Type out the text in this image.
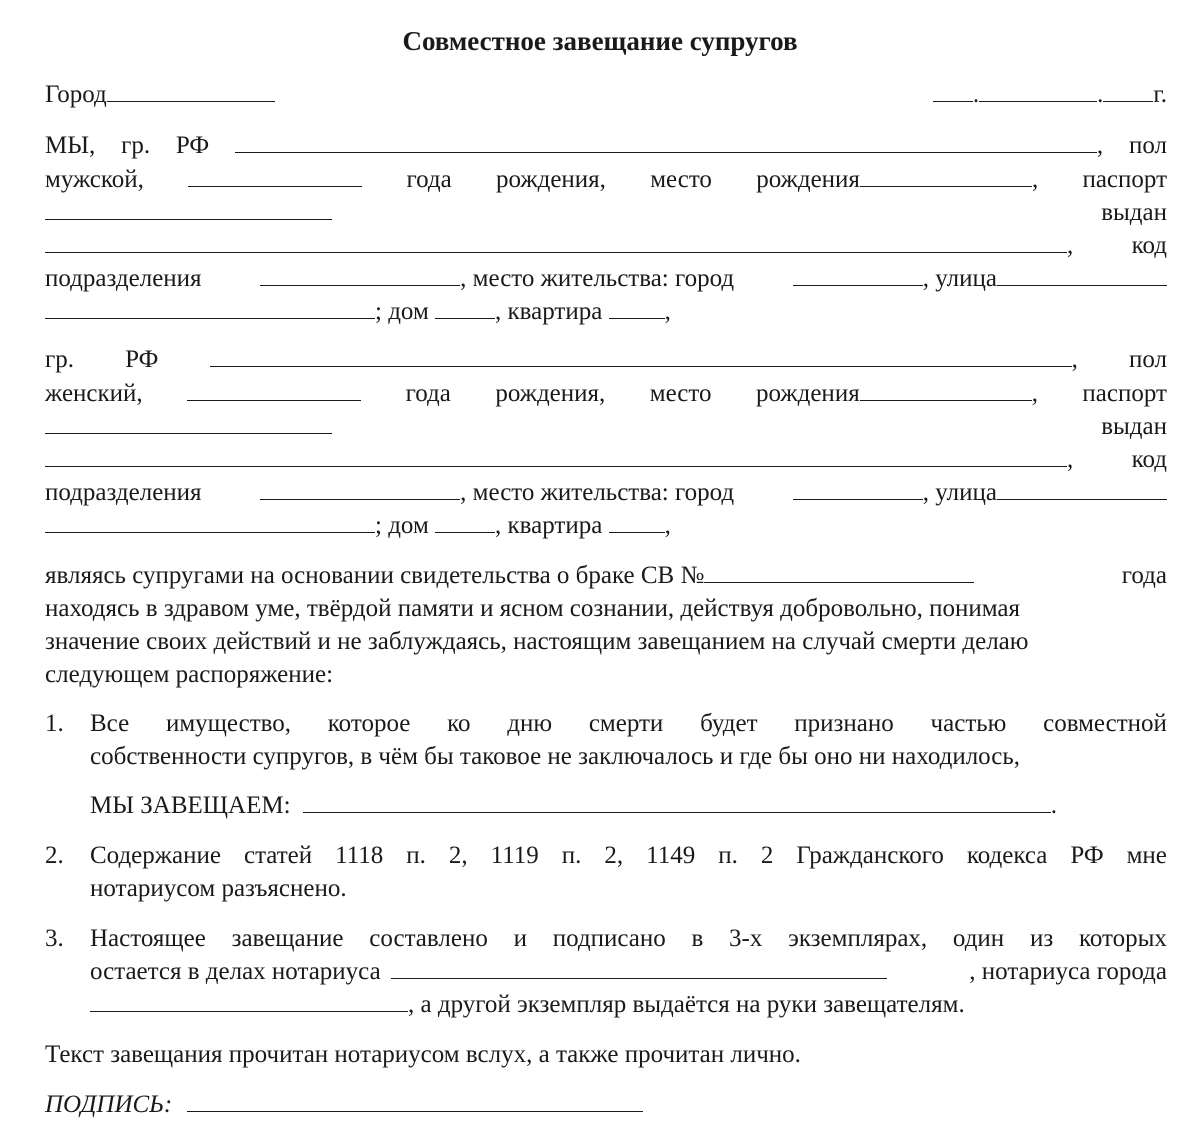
Совместное завещание супругов
Город	.	. г.
МЫ, гр. РФ	, пол
мужской,	года рождения, место рождения	, паспорт
выдан
, код
подразделения	, место жительства: город	, улица
; дом	, квартира ,
гр. РФ	, пол
женский,	года рождения, место рождения	, паспорт
выдан
, код
подразделения	, место жительства: город	, улица
; дом	, квартира ,
являясь супругами на основании свидетельства о браке СВ №	года
находясь в здравом уме, твёрдой памяти и ясном сознании, действуя добровольно, понимая
значение своих действий и не заблуждаясь, настоящим завещанием на случай смерти делаю
следующем распоряжение:
1. Все имущество, которое ко дню смерти будет признано частью совместной
собственности супругов, в чём бы таковое не заключалось и где бы оно ни находилось,
МЫ ЗАВЕЩАЕМ:	.
2. Содержание статей 1118 п. 2, 1119 п. 2, 1149 п. 2 Гражданского кодекса РФ мне
нотариусом разъяснено.
3. Настоящее завещание составлено и подписано в 3-х экземплярах, один из которых
остается в делах нотариуса	, нотариуса города
, а другой экземпляр выдаётся на руки завещателям.
Текст завещания прочитан нотариусом вслух, а также прочитан лично.
ПОДПИСЬ:
